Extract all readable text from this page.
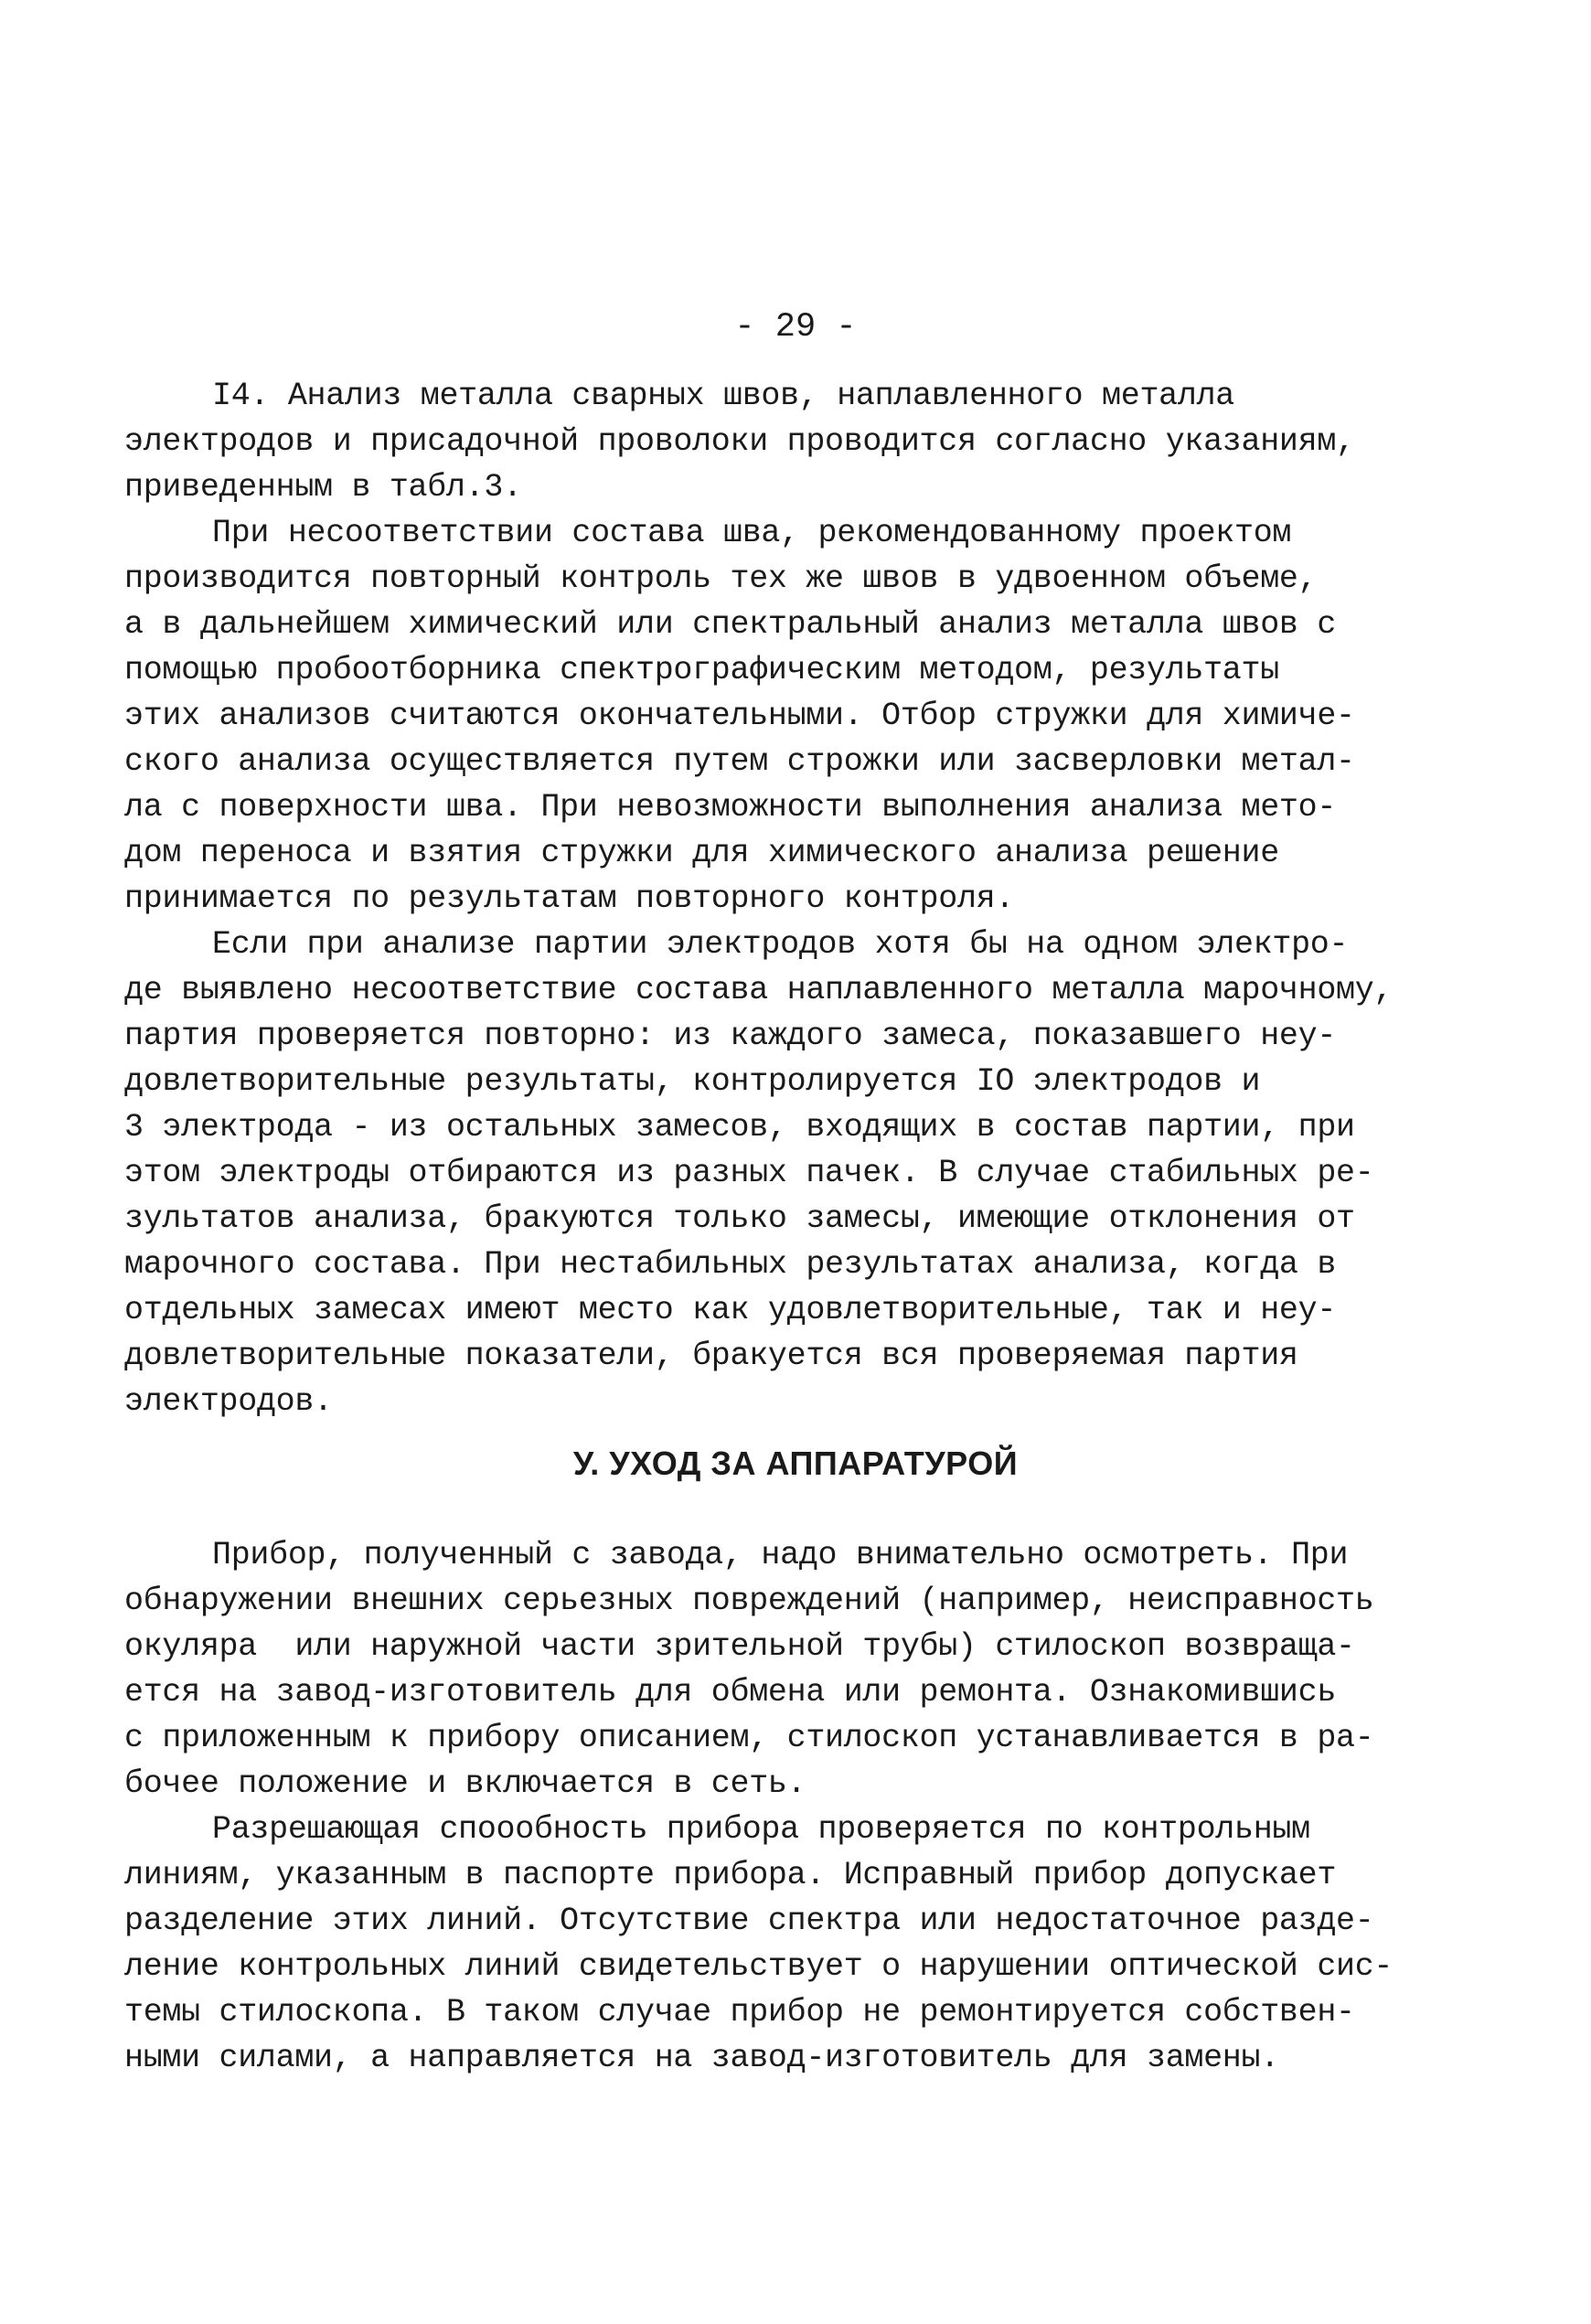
- 29 -
I4. Анализ металла сварных швов, наплавленного металла
электродов и присадочной проволоки проводится согласно указаниям,
приведенным в табл.3.
При несоответствии состава шва, рекомендованному проектом
производится повторный контроль тех же швов в удвоенном объеме,
а в дальнейшем химический или спектральный анализ металла швов с
помощью пробоотборника спектрографическим методом, результаты
этих анализов считаются окончательными. Отбор стружки для химиче-
ского анализа осуществляется путем строжки или засверловки метал-
ла с поверхности шва. При невозможности выполнения анализа мето-
дом переноса и взятия стружки для химического анализа решение
принимается по результатам повторного контроля.
Если при анализе партии электродов хотя бы на одном электро-
де выявлено несоответствие состава наплавленного металла марочному,
партия проверяется повторно: из каждого замеса, показавшего неу-
довлетворительные результаты, контролируется IO электродов и
3 электрода - из остальных замесов, входящих в состав партии, при
этом электроды отбираются из разных пачек. В случае стабильных ре-
зультатов анализа, бракуются только замесы, имеющие отклонения от
марочного состава. При нестабильных результатах анализа, когда в
отдельных замесах имеют место как удовлетворительные, так и неу-
довлетворительные показатели, бракуется вся проверяемая партия
электродов.
У. УХОД ЗА АППАРАТУРОЙ
Прибор, полученный с завода, надо внимательно осмотреть. При
обнаружении внешних серьезных повреждений (например, неисправность
окуляра  или наружной части зрительной трубы) стилоскоп возвраща-
ется на завод-изготовитель для обмена или ремонта. Ознакомившись
с приложенным к прибору описанием, стилоскоп устанавливается в ра-
бочее положение и включается в сеть.
Разрешающая спооoбность прибора проверяется по контрольным
линиям, указанным в паспорте прибора. Исправный прибор допускает
разделение этих линий. Отсутствие спектра или недостаточное разде-
ление контрольных линий свидетельствует о нарушении оптической сис-
темы стилоскопа. В таком случае прибор не ремонтируется собствен-
ными силами, а направляется на завод-изготовитель для замены.
